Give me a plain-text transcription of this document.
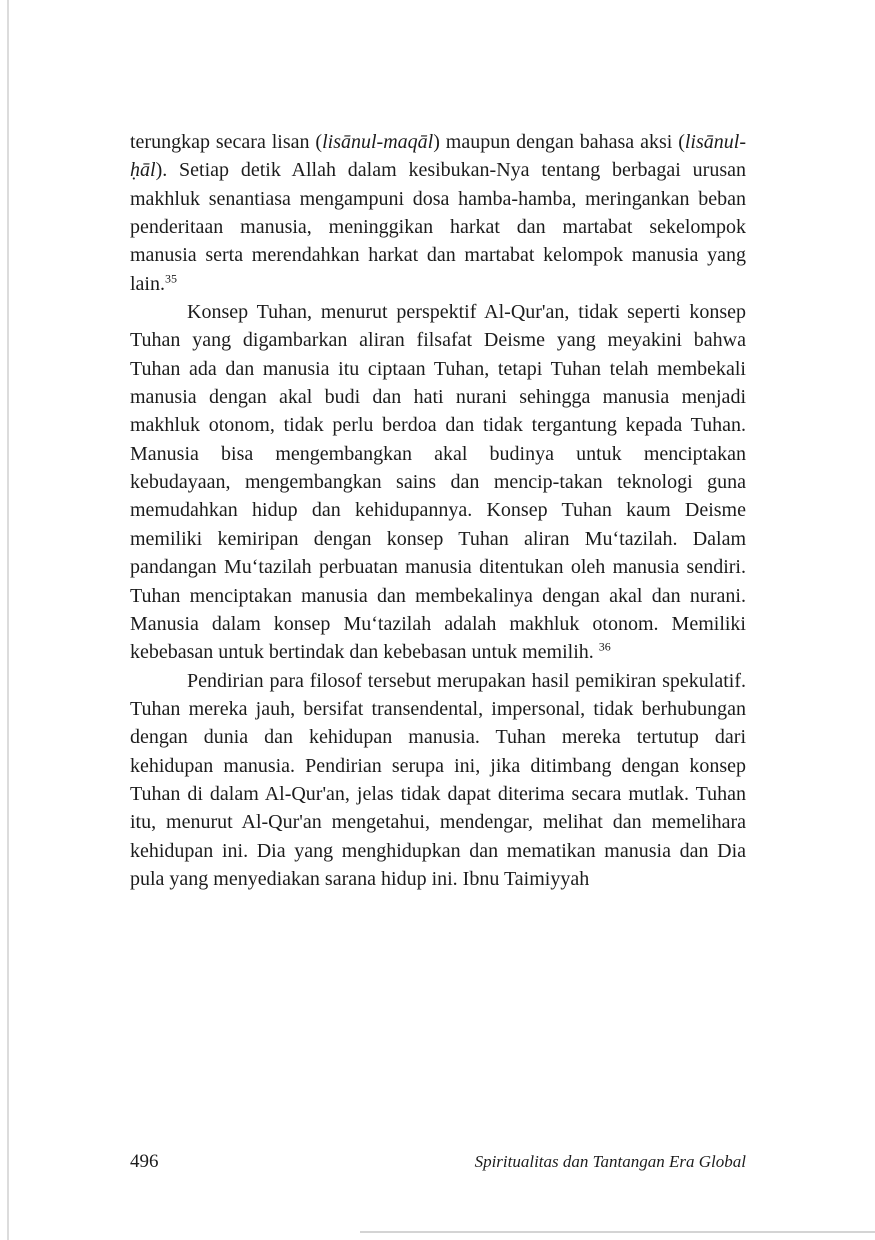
terungkap secara lisan (lisānul-maqāl) maupun dengan bahasa aksi (lisānul-ḥāl). Setiap detik Allah dalam kesibukan-Nya tentang berbagai urusan makhluk senantiasa mengampuni dosa hamba-hamba, meringankan beban penderitaan manusia, meninggikan harkat dan martabat sekelompok manusia serta merendahkan harkat dan martabat kelompok manusia yang lain.$^{35}$

Konsep Tuhan, menurut perspektif Al-Qur'an, tidak seperti konsep Tuhan yang digambarkan aliran filsafat Deisme yang meyakini bahwa Tuhan ada dan manusia itu ciptaan Tuhan, tetapi Tuhan telah membekali manusia dengan akal budi dan hati nurani sehingga manusia menjadi makhluk otonom, tidak perlu berdoa dan tidak tergantung kepada Tuhan. Manusia bisa mengembangkan akal budinya untuk menciptakan kebudayaan, mengembangkan sains dan mencip-takan teknologi guna memudahkan hidup dan kehidupannya. Konsep Tuhan kaum Deisme memiliki kemiripan dengan konsep Tuhan aliran Mu‘tazilah. Dalam pandangan Mu‘tazilah perbuatan manusia ditentukan oleh manusia sendiri. Tuhan menciptakan manusia dan membekalinya dengan akal dan nurani. Manusia dalam konsep Mu‘tazilah adalah makhluk otonom. Memiliki kebebasan untuk bertindak dan kebebasan untuk memilih. $^{36}$

Pendirian para filosof tersebut merupakan hasil pemikiran spekulatif. Tuhan mereka jauh, bersifat transendental, impersonal, tidak berhubungan dengan dunia dan kehidupan manusia. Tuhan mereka tertutup dari kehidupan manusia. Pendirian serupa ini, jika ditimbang dengan konsep Tuhan di dalam Al-Qur'an, jelas tidak dapat diterima secara mutlak. Tuhan itu, menurut Al-Qur'an mengetahui, mendengar, melihat dan memelihara kehidupan ini. Dia yang menghidupkan dan mematikan manusia dan Dia pula yang menyediakan sarana hidup ini. Ibnu Taimiyyah

496	Spiritualitas dan Tantangan Era Global
